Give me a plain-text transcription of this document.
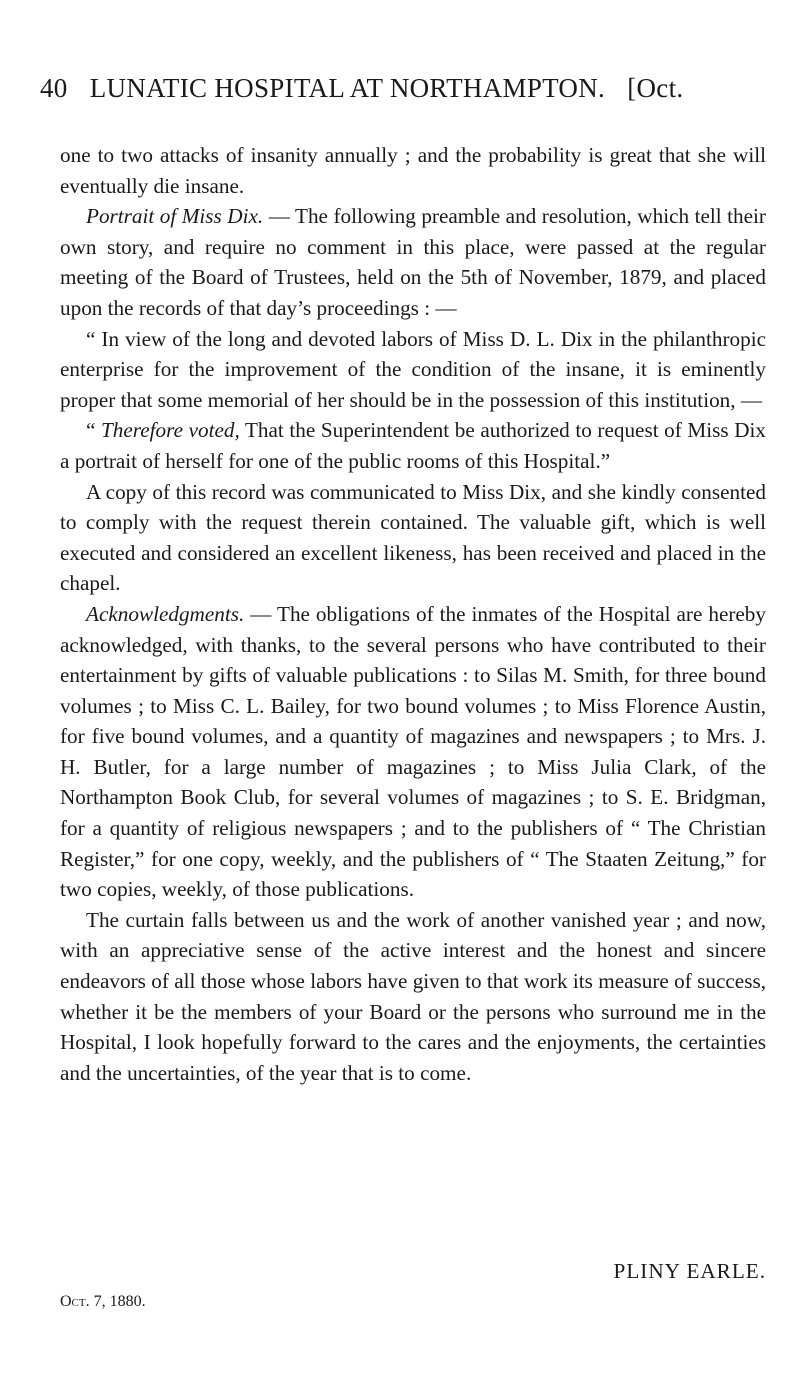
40 LUNATIC HOSPITAL AT NORTHAMPTON. [Oct.

one to two attacks of insanity annually ; and the probability is great that she will eventually die insane.

Portrait of Miss Dix. — The following preamble and resolution, which tell their own story, and require no comment in this place, were passed at the regular meeting of the Board of Trustees, held on the 5th of November, 1879, and placed upon the records of that day’s proceedings : —

“ In view of the long and devoted labors of Miss D. L. Dix in the philanthropic enterprise for the improvement of the condition of the insane, it is eminently proper that some memorial of her should be in the possession of this institution, —

“ Therefore voted, That the Superintendent be authorized to request of Miss Dix a portrait of herself for one of the public rooms of this Hospital.”

A copy of this record was communicated to Miss Dix, and she kindly consented to comply with the request therein contained. The valuable gift, which is well executed and considered an excellent likeness, has been received and placed in the chapel.

Acknowledgments. — The obligations of the inmates of the Hospital are hereby acknowledged, with thanks, to the several persons who have contributed to their entertainment by gifts of valuable publications : to Silas M. Smith, for three bound volumes ; to Miss C. L. Bailey, for two bound volumes ; to Miss Florence Austin, for five bound volumes, and a quantity of magazines and newspapers ; to Mrs. J. H. Butler, for a large number of magazines ; to Miss Julia Clark, of the Northampton Book Club, for several volumes of magazines ; to S. E. Bridgman, for a quantity of religious newspapers ; and to the publishers of “ The Christian Register,” for one copy, weekly, and the publishers of “ The Staaten Zeitung,” for two copies, weekly, of those publications.

The curtain falls between us and the work of another vanished year ; and now, with an appreciative sense of the active interest and the honest and sincere endeavors of all those whose labors have given to that work its measure of success, whether it be the members of your Board or the persons who surround me in the Hospital, I look hopefully forward to the cares and the enjoyments, the certainties and the uncertainties, of the year that is to come.

PLINY EARLE.
Oct. 7, 1880.
